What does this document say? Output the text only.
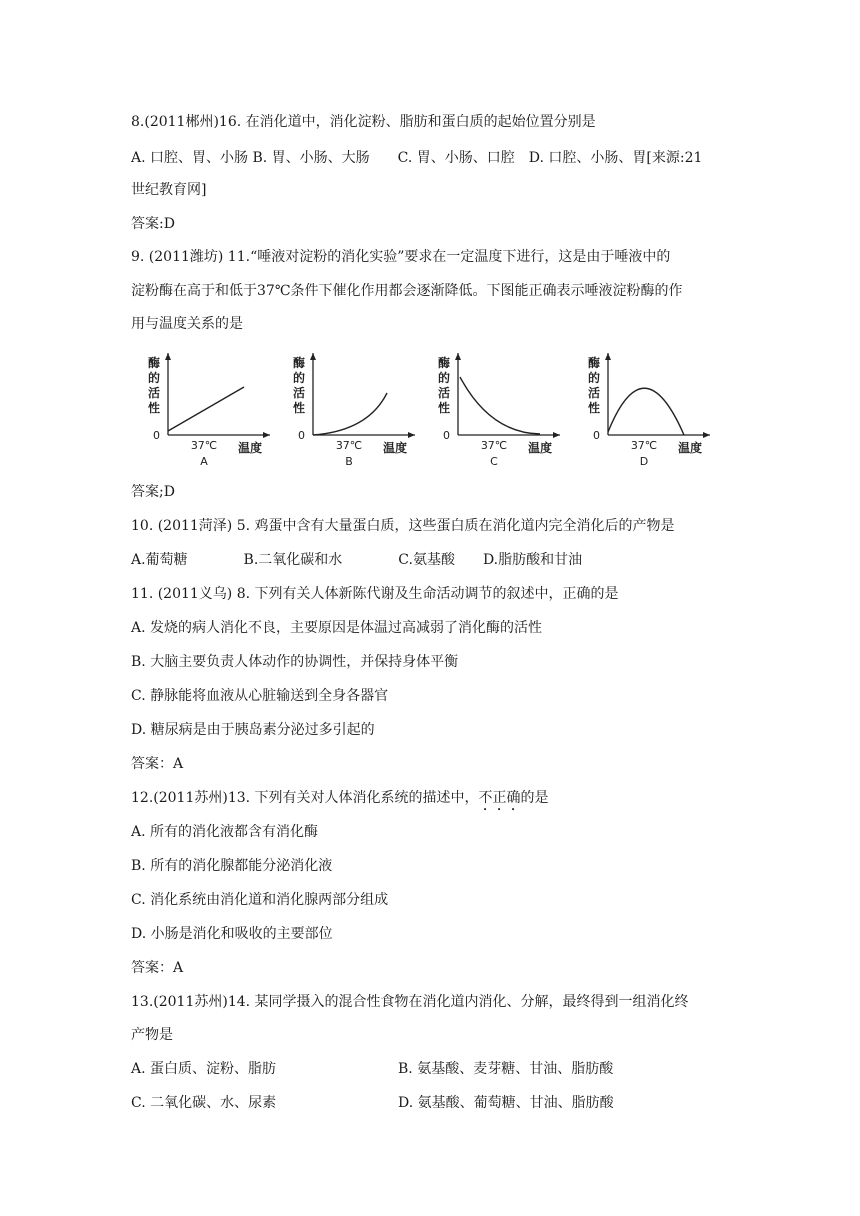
8.(2011郴州)16. 在消化道中，消化淀粉、脂肪和蛋白质的起始位置分别是
A. 口腔、胃、小肠 B. 胃、小肠、大肠　　C. 胃、小肠、口腔　D. 口腔、小肠、胃[来源:21
世纪教育网]
答案:D
9. (2011潍坊) 11.“唾液对淀粉的消化实验”要求在一定温度下进行，这是由于唾液中的
淀粉酶在高于和低于37℃条件下催化作用都会逐渐降低。下图能正确表示唾液淀粉酶的作
用与温度关系的是
酶
的
活
性
0
37℃ 温度
A
酶
的
活
性
0
37℃ 温度
B
酶
的
活
性
0
37℃ 温度
C
酶
的
活
性
0
37℃ 温度
D
答案;D
10. (2011菏泽) 5. 鸡蛋中含有大量蛋白质，这些蛋白质在消化道内完全消化后的产物是
A.葡萄糖　　　　B.二氧化碳和水　　　　C.氨基酸　　D.脂肪酸和甘油
11. (2011义乌) 8. 下列有关人体新陈代谢及生命活动调节的叙述中，正确的是
A. 发烧的病人消化不良，主要原因是体温过高减弱了消化酶的活性
B. 大脑主要负责人体动作的协调性，并保持身体平衡
C. 静脉能将血液从心脏输送到全身各器官
D. 糖尿病是由于胰岛素分泌过多引起的
答案：A
12.(2011苏州)13. 下列有关对人体消化系统的描述中，不正确的是
A. 所有的消化液都含有消化酶
B. 所有的消化腺都能分泌消化液
C. 消化系统由消化道和消化腺两部分组成
D. 小肠是消化和吸收的主要部位
答案：A
13.(2011苏州)14. 某同学摄入的混合性食物在消化道内消化、分解，最终得到一组消化终
产物是
A. 蛋白质、淀粉、脂肪	B. 氨基酸、麦芽糖、甘油、脂肪酸
C. 二氧化碳、水、尿素	D. 氨基酸、葡萄糖、甘油、脂肪酸
